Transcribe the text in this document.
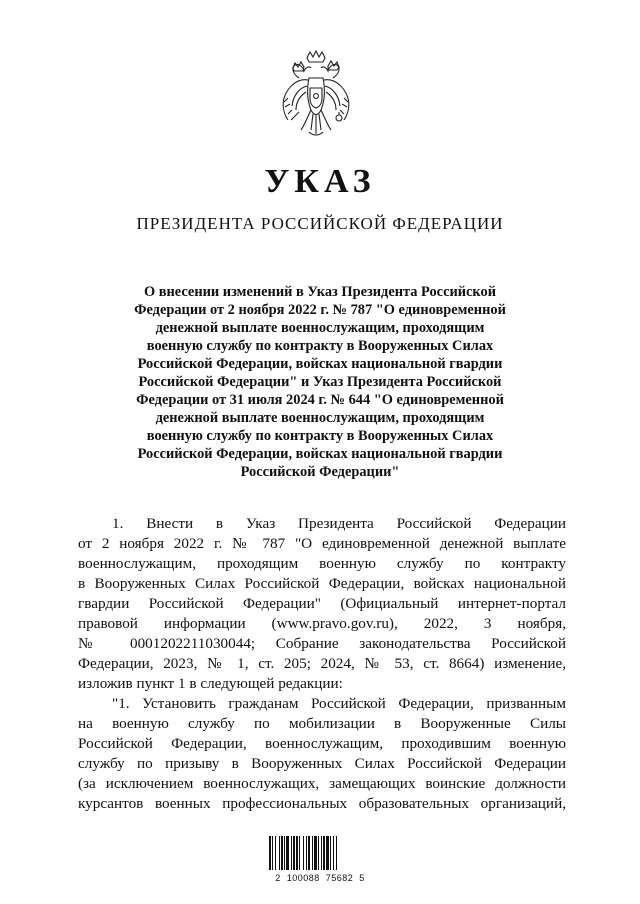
УКАЗ
ПРЕЗИДЕНТА РОССИЙСКОЙ ФЕДЕРАЦИИ
О внесении изменений в Указ Президента Российской
Федерации от 2 ноября 2022 г. № 787 "О единовременной
денежной выплате военнослужащим, проходящим
военную службу по контракту в Вооруженных Силах
Российской Федерации, войсках национальной гвардии
Российской Федерации" и Указ Президента Российской
Федерации от 31 июля 2024 г. № 644 "О единовременной
денежной выплате военнослужащим, проходящим
военную службу по контракту в Вооруженных Силах
Российской Федерации, войсках национальной гвардии
Российской Федерации"
1. Внести в Указ Президента Российской Федерации
от 2 ноября 2022 г. № 787 "О единовременной денежной выплате
военнослужащим, проходящим военную службу по контракту
в Вооруженных Силах Российской Федерации, войсках национальной
гвардии Российской Федерации" (Официальный интернет-портал
правовой информации (www.pravo.gov.ru), 2022, 3 ноября,
№ 0001202211030044; Собрание законодательства Российской
Федерации, 2023, № 1, ст. 205; 2024, № 53, ст. 8664) изменение,
изложив пункт 1 в следующей редакции:
"1. Установить гражданам Российской Федерации, призванным
на военную службу по мобилизации в Вооруженные Силы
Российской Федерации, военнослужащим, проходившим военную
службу по призыву в Вооруженных Силах Российской Федерации
(за исключением военнослужащих, замещающих воинские должности
курсантов военных профессиональных образовательных организаций,
2 100088 75682 5
